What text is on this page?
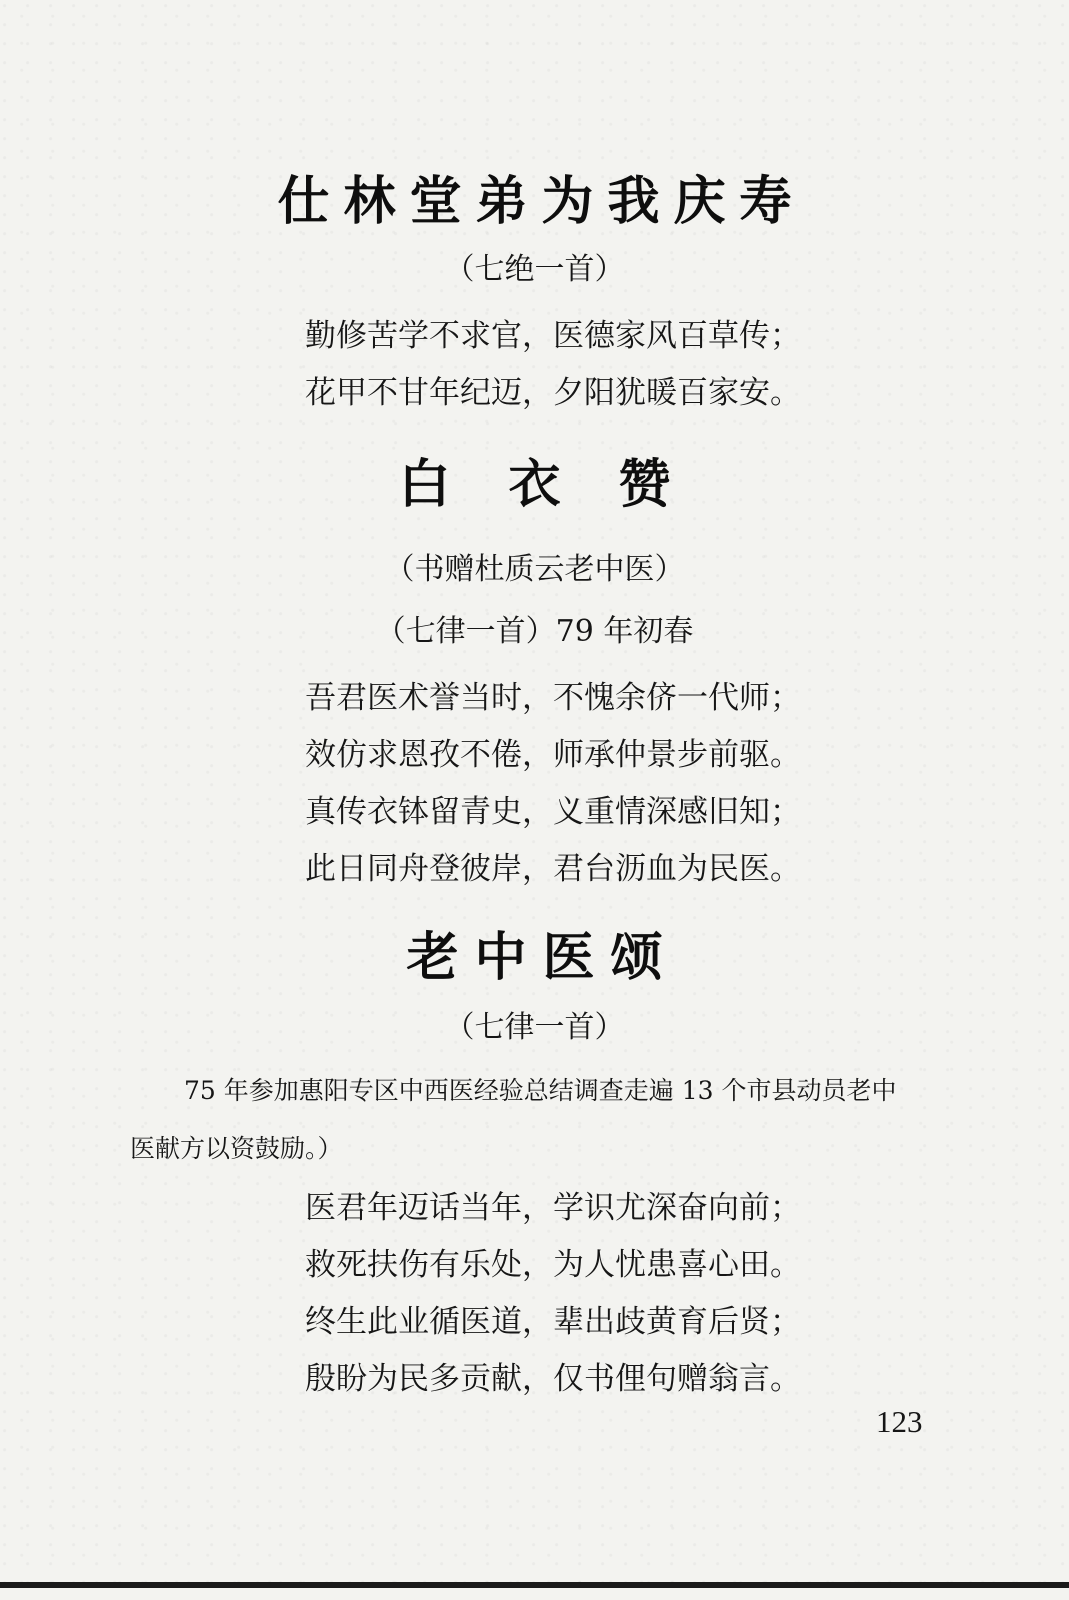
仕林堂弟为我庆寿
（七绝一首）
勤修苦学不求官，医德家风百草传；
花甲不甘年纪迈，夕阳犹暖百家安。
白衣赞
（书赠杜质云老中医）
（七律一首）79 年初春
吾君医术誉当时，不愧余侪一代师；
效仿求恩孜不倦，师承仲景步前驱。
真传衣钵留青史，义重情深感旧知；
此日同舟登彼岸，君台沥血为民医。
老中医颂
（七律一首）
75 年参加惠阳专区中西医经验总结调查走遍 13 个市县动员老中
医献方以资鼓励。）
医君年迈话当年，学识尤深奋向前；
救死扶伤有乐处，为人忧患喜心田。
终生此业循医道，辈出歧黄育后贤；
殷盼为民多贡献，仅书俚句赠翁言。
123
